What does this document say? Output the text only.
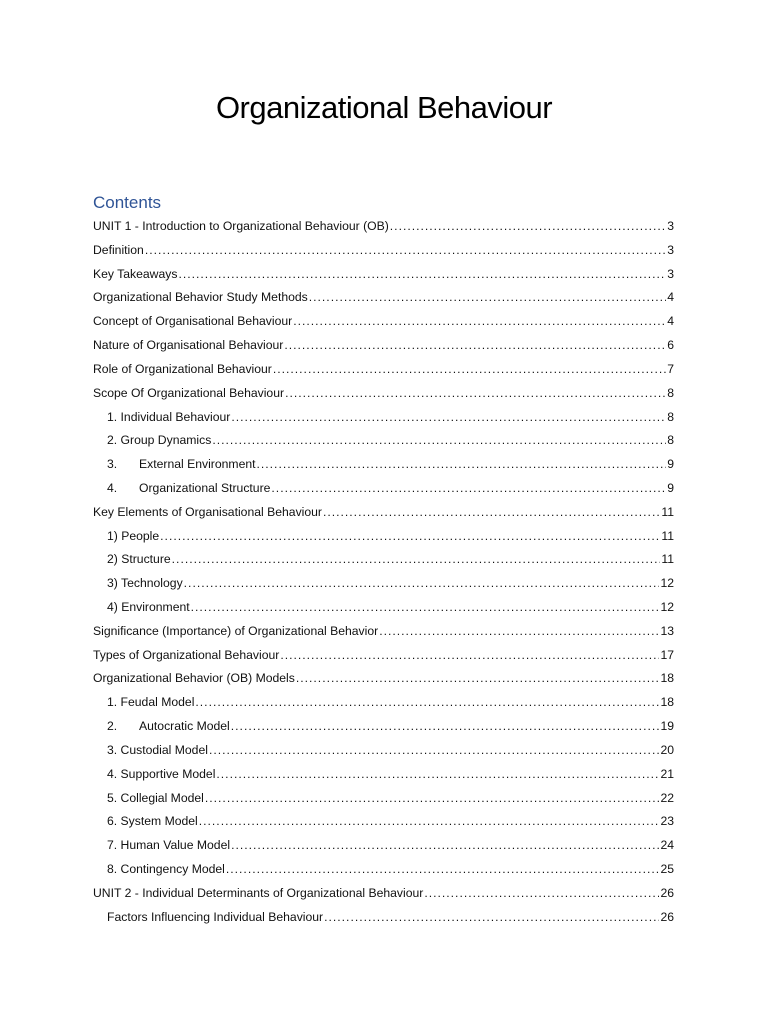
Organizational Behaviour
Contents
UNIT 1 - Introduction to Organizational Behaviour (OB) .....	3
Definition .....	3
Key Takeaways .....	3
Organizational Behavior Study Methods .....	4
Concept of Organisational Behaviour .....	4
Nature of Organisational Behaviour .....	6
Role of Organizational Behaviour .....	7
Scope Of Organizational Behaviour .....	8
1. Individual Behaviour .....	8
2. Group Dynamics .....	8
3.	External Environment .....	9
4.	Organizational Structure .....	9
Key Elements of Organisational Behaviour .....	11
1) People .....	11
2) Structure .....	11
3) Technology .....	12
4) Environment .....	12
Significance (Importance) of Organizational Behavior .....	13
Types of Organizational Behaviour .....	17
Organizational Behavior (OB) Models .....	18
1. Feudal Model .....	18
2.	Autocratic Model .....	19
3. Custodial Model .....	20
4. Supportive Model .....	21
5. Collegial Model .....	22
6. System Model .....	23
7. Human Value Model .....	24
8. Contingency Model .....	25
UNIT 2 - Individual Determinants of Organizational Behaviour .....	26
Factors Influencing Individual Behaviour .....	26
